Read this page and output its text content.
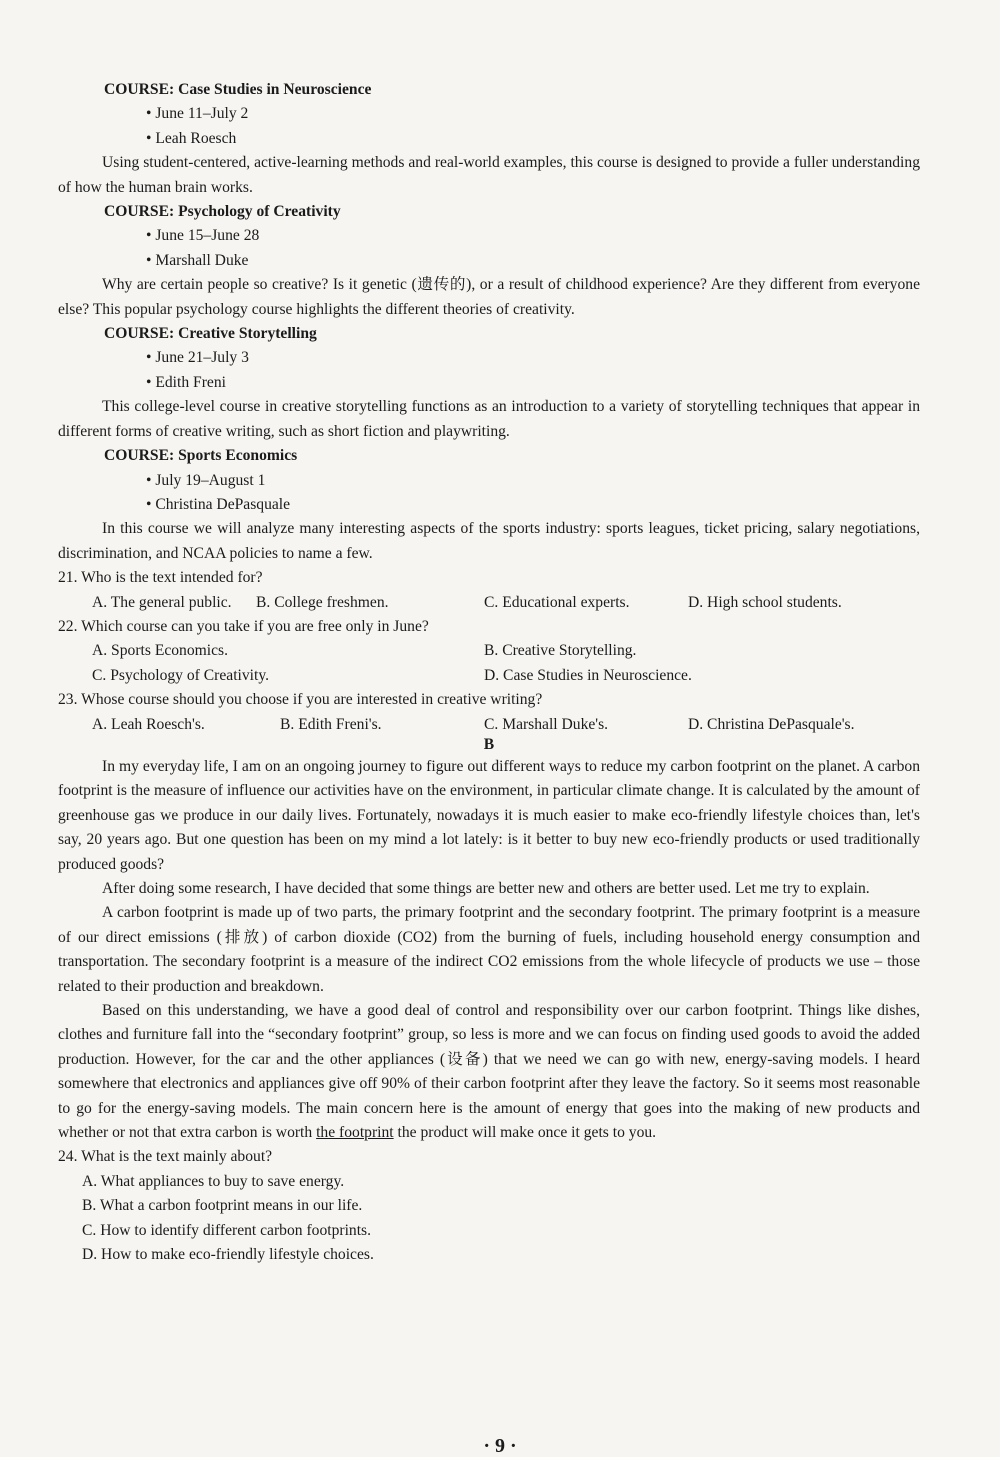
COURSE: Case Studies in Neuroscience
• June 11–July 2
• Leah Roesch
Using student-centered, active-learning methods and real-world examples, this course is designed to provide a fuller understanding of how the human brain works.
COURSE: Psychology of Creativity
• June 15–June 28
• Marshall Duke
Why are certain people so creative? Is it genetic (遗传的), or a result of childhood experience? Are they different from everyone else? This popular psychology course highlights the different theories of creativity.
COURSE: Creative Storytelling
• June 21–July 3
• Edith Freni
This college-level course in creative storytelling functions as an introduction to a variety of storytelling techniques that appear in different forms of creative writing, such as short fiction and playwriting.
COURSE: Sports Economics
• July 19–August 1
• Christina DePasquale
In this course we will analyze many interesting aspects of the sports industry: sports leagues, ticket pricing, salary negotiations, discrimination, and NCAA policies to name a few.
21. Who is the text intended for?
A. The general public.	B. College freshmen.	C. Educational experts.	D. High school students.
22. Which course can you take if you are free only in June?
A. Sports Economics.	B. Creative Storytelling.
C. Psychology of Creativity.	D. Case Studies in Neuroscience.
23. Whose course should you choose if you are interested in creative writing?
A. Leah Roesch's.	B. Edith Freni's.	C. Marshall Duke's.	D. Christina DePasquale's.
B
In my everyday life, I am on an ongoing journey to figure out different ways to reduce my carbon footprint on the planet. A carbon footprint is the measure of influence our activities have on the environment, in particular climate change. It is calculated by the amount of greenhouse gas we produce in our daily lives. Fortunately, nowadays it is much easier to make eco-friendly lifestyle choices than, let's say, 20 years ago. But one question has been on my mind a lot lately: is it better to buy new eco-friendly products or used traditionally produced goods?
After doing some research, I have decided that some things are better new and others are better used. Let me try to explain.
A carbon footprint is made up of two parts, the primary footprint and the secondary footprint. The primary footprint is a measure of our direct emissions (排放) of carbon dioxide (CO2) from the burning of fuels, including household energy consumption and transportation. The secondary footprint is a measure of the indirect CO2 emissions from the whole lifecycle of products we use – those related to their production and breakdown.
Based on this understanding, we have a good deal of control and responsibility over our carbon footprint. Things like dishes, clothes and furniture fall into the “secondary footprint” group, so less is more and we can focus on finding used goods to avoid the added production. However, for the car and the other appliances (设备) that we need we can go with new, energy-saving models. I heard somewhere that electronics and appliances give off 90% of their carbon footprint after they leave the factory. So it seems most reasonable to go for the energy-saving models. The main concern here is the amount of energy that goes into the making of new products and whether or not that extra carbon is worth the footprint the product will make once it gets to you.
24. What is the text mainly about?
A. What appliances to buy to save energy.
B. What a carbon footprint means in our life.
C. How to identify different carbon footprints.
D. How to make eco-friendly lifestyle choices.
· 9 ·
